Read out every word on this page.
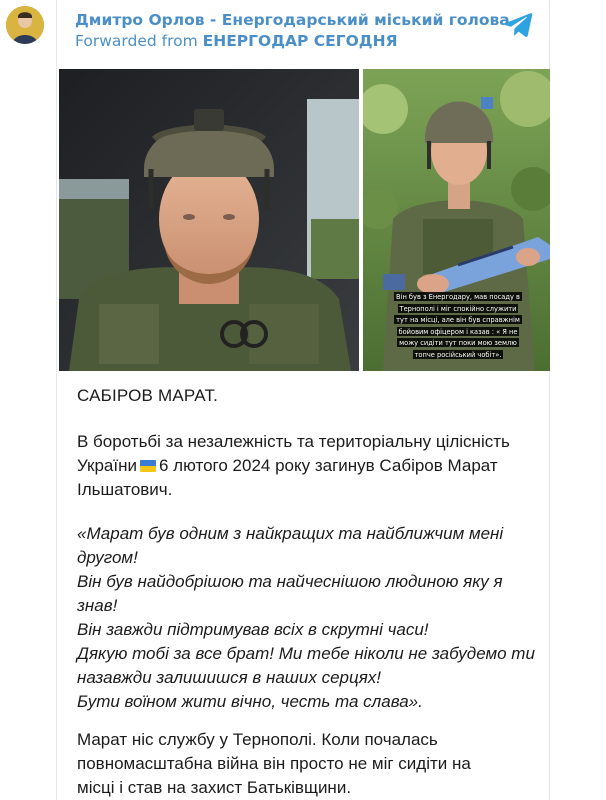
Дмитро Орлов - Енергодарський міський голова
Forwarded from ЕНЕРГОДАР СЕГОДНЯ
Він був з Енергодару, мав посаду в
Тернополі і міг спокійно служити
тут на місці, але він був справжнім
бойовим офіцером і казав : « Я не
можу сидіти тут поки мою землю
топче російський чобіт».
САБІРОВ МАРАТ.
В боротьбі за незалежність та територіальну цілісність
України 6 лютого 2024 року загинув Сабіров Марат
Ільшатович.
«Марат був одним з найкращих та найближчим мені
другом!
Він був найдобрішою та найчеснішою людиною яку я
знав!
Він завжди підтримував всіх в скрутні часи!
Дякую тобі за все брат! Ми тебе ніколи не забудемо ти
назавжди залишишся в наших серцях!
Бути воїном жити вічно, честь та слава».
Марат ніс службу у Тернополі. Коли почалась
повномасштабна війна він просто не міг сидіти на
місці і став на захист Батьківщини.
